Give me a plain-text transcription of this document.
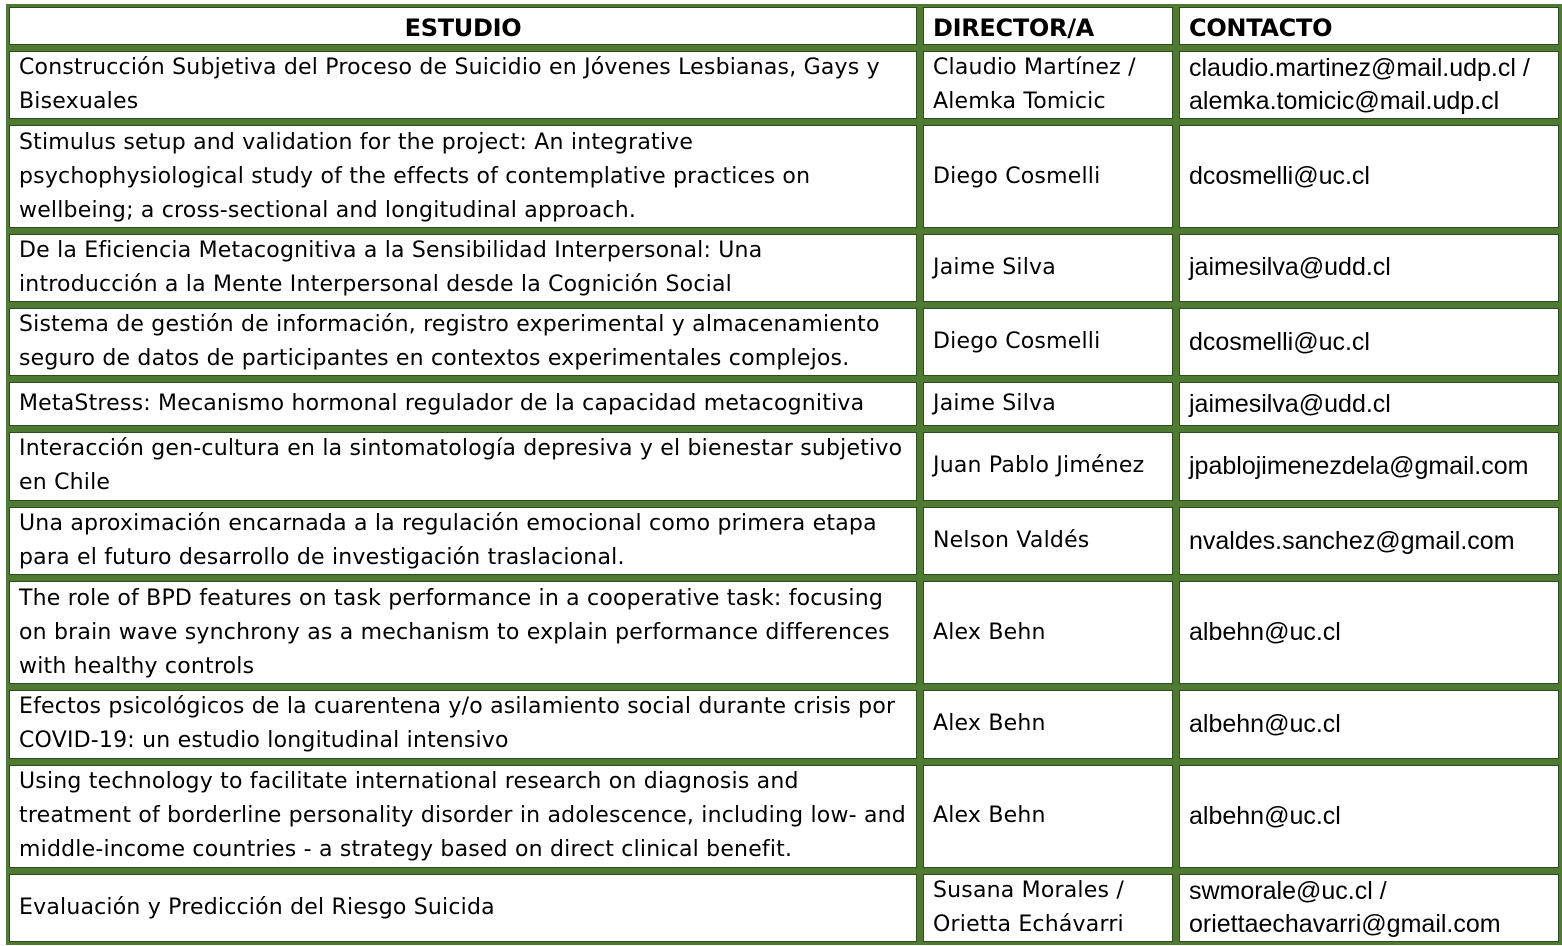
ESTUDIO	DIRECTOR/A	CONTACTO
Construcción Subjetiva del Proceso de Suicidio en Jóvenes Lesbianas, Gays y Bisexuales	Claudio Martínez / Alemka Tomicic	claudio.martinez@mail.udp.cl / alemka.tomicic@mail.udp.cl
Stimulus setup and validation for the project: An integrative psychophysiological study of the effects of contemplative practices on wellbeing; a cross-sectional and longitudinal approach.	Diego Cosmelli	dcosmelli@uc.cl
De la Eficiencia Metacognitiva a la Sensibilidad Interpersonal: Una introducción a la Mente Interpersonal desde la Cognición Social	Jaime Silva	jaimesilva@udd.cl
Sistema de gestión de información, registro experimental y almacenamiento seguro de datos de participantes en contextos experimentales complejos.	Diego Cosmelli	dcosmelli@uc.cl
MetaStress: Mecanismo hormonal regulador de la capacidad metacognitiva	Jaime Silva	jaimesilva@udd.cl
Interacción gen-cultura en la sintomatología depresiva y el bienestar subjetivo en Chile	Juan Pablo Jiménez	jpablojimenezdela@gmail.com
Una aproximación encarnada a la regulación emocional como primera etapa para el futuro desarrollo de investigación traslacional.	Nelson Valdés	nvaldes.sanchez@gmail.com
The role of BPD features on task performance in a cooperative task: focusing on brain wave synchrony as a mechanism to explain performance differences with healthy controls	Alex Behn	albehn@uc.cl
Efectos psicológicos de la cuarentena y/o asilamiento social durante crisis por COVID-19: un estudio longitudinal intensivo	Alex Behn	albehn@uc.cl
Using technology to facilitate international research on diagnosis and treatment of borderline personality disorder in adolescence, including low- and middle-income countries - a strategy based on direct clinical benefit.	Alex Behn	albehn@uc.cl
Evaluación y Predicción del Riesgo Suicida	Susana Morales / Orietta Echávarri	swmorale@uc.cl / oriettaechavarri@gmail.com
